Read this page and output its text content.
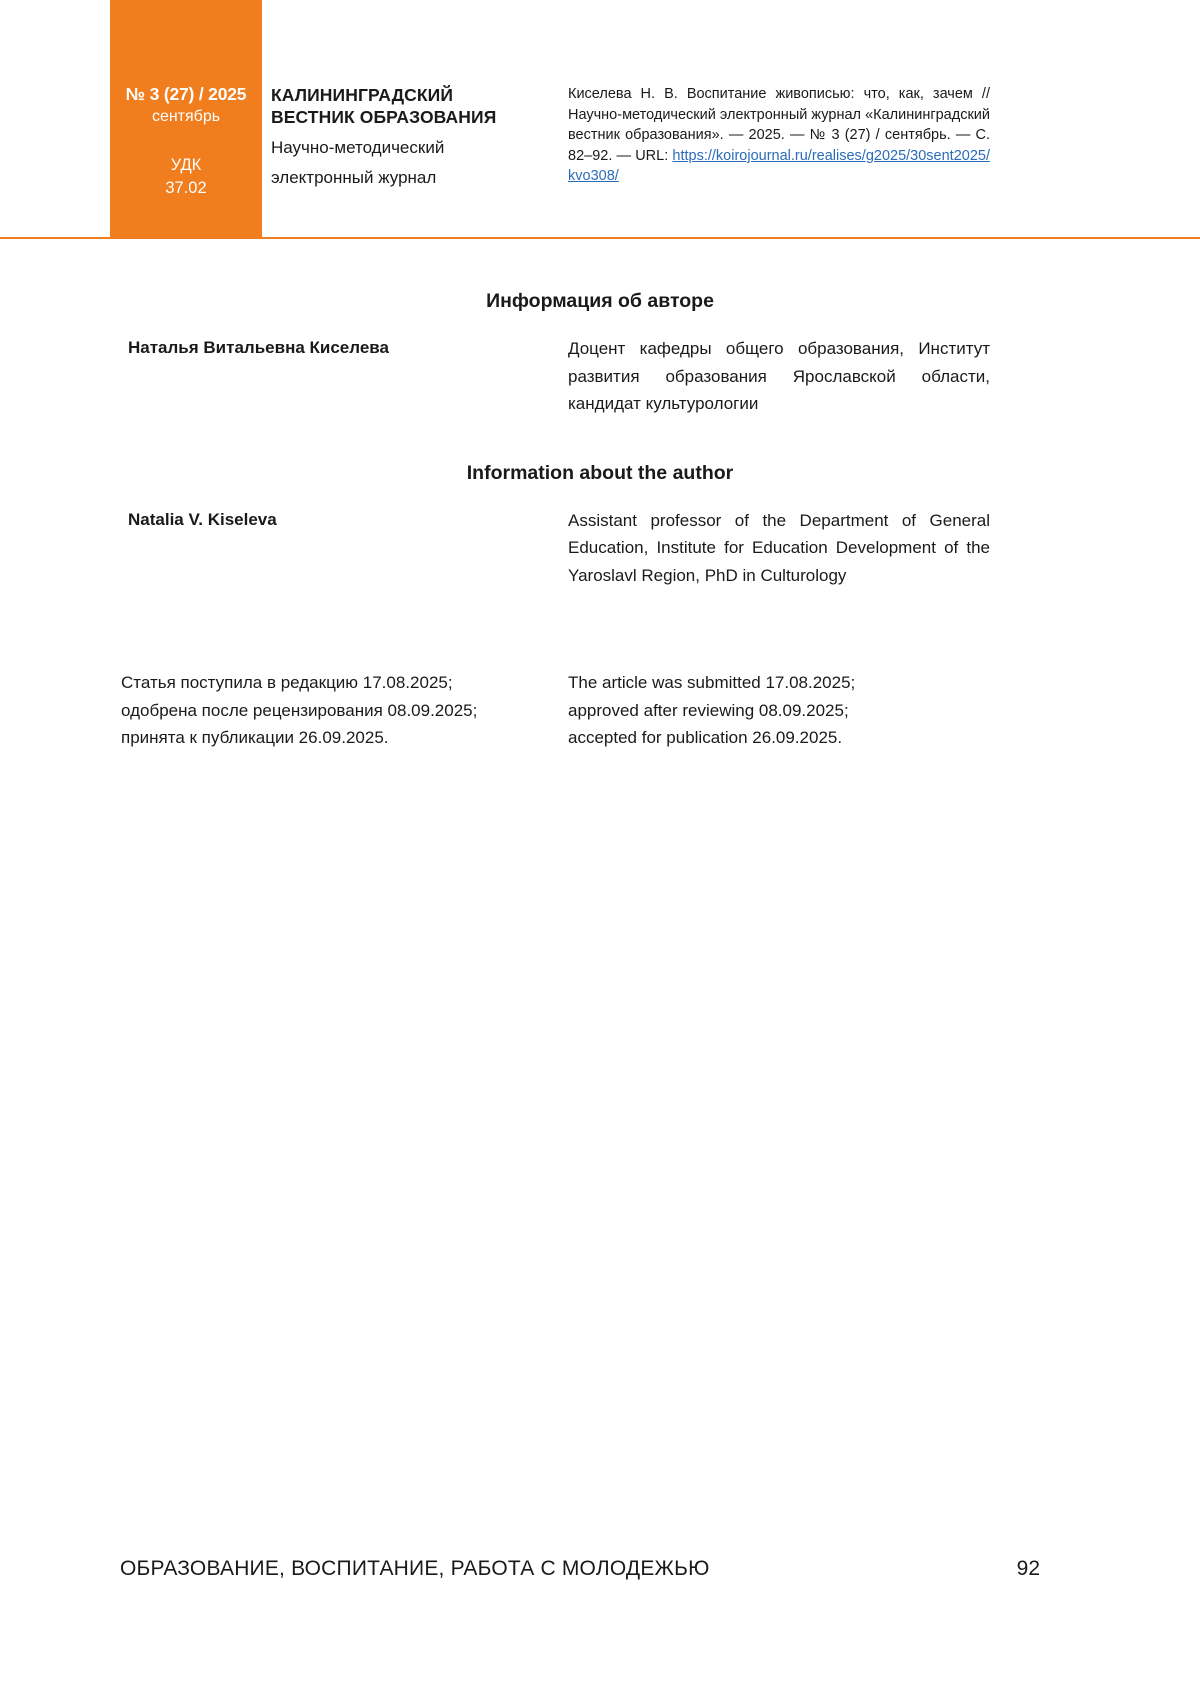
№ 3 (27) / 2025
сентябрь
УДК
37.02
КАЛИНИНГРАДСКИЙ
ВЕСТНИК ОБРАЗОВАНИЯ
Научно-методический
электронный журнал
Киселева Н. В. Воспитание живописью: что, как, зачем // Научно-методический электронный журнал «Калининградский вестник образования». — 2025. — № 3 (27) / сентябрь. — С. 82–92. — URL: https://koirojournal.ru/realises/g2025/30sent2025/kvo308/
Информация об авторе
Наталья Витальевна Киселева	Доцент кафедры общего образования, Институт развития образования Ярославской области, кандидат культурологии
Information about the author
Natalia V. Kiseleva	Assistant professor of the Department of General Education, Institute for Education Development of the Yaroslavl Region, PhD in Culturology
Статья поступила в редакцию 17.08.2025;
одобрена после рецензирования 08.09.2025;
принята к публикации 26.09.2025.
The article was submitted 17.08.2025;
approved after reviewing 08.09.2025;
accepted for publication 26.09.2025.
ОБРАЗОВАНИЕ, ВОСПИТАНИЕ, РАБОТА С МОЛОДЕЖЬЮ	92
